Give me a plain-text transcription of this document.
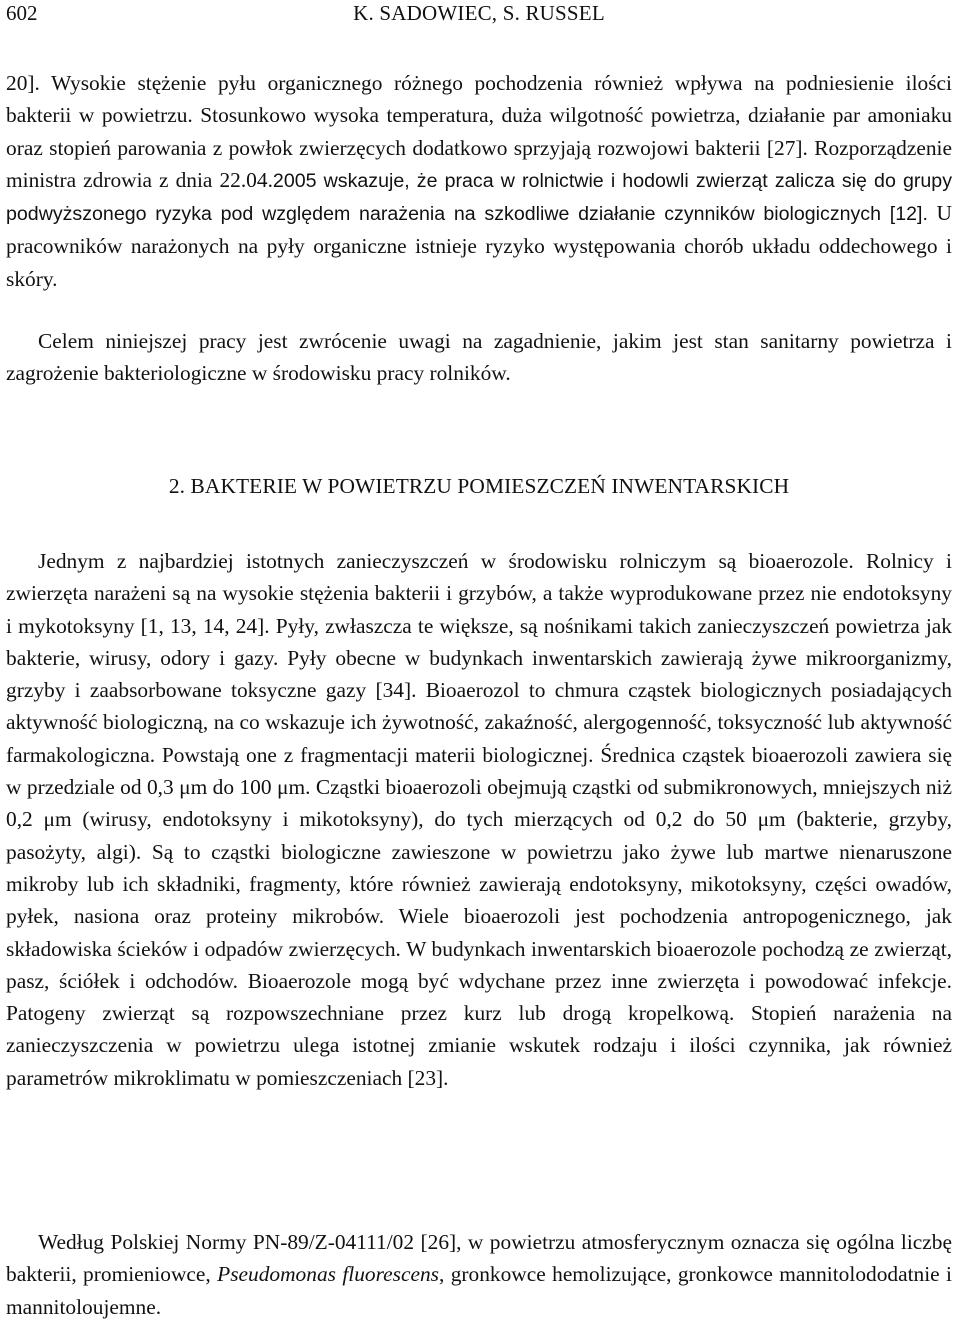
602	K. SADOWIEC, S. RUSSEL
20]. Wysokie stężenie pyłu organicznego różnego pochodzenia również wpływa na podniesienie ilości bakterii w powietrzu. Stosunkowo wysoka temperatura, duża wilgotność powietrza, działanie par amoniaku oraz stopień parowania z powłok zwierzęcych dodatkowo sprzyjają rozwojowi bakterii [27]. Rozporządzenie ministra zdrowia z dnia 22.04.2005 wskazuje, że praca w rolnictwie i hodowli zwierząt zalicza się do grupy podwyższonego ryzyka pod względem narażenia na szkodliwe działanie czynników biologicznych [12]. U pracowników narażonych na pyły organiczne istnieje ryzyko występowania chorób układu oddechowego i skóry.
Celem niniejszej pracy jest zwrócenie uwagi na zagadnienie, jakim jest stan sanitarny powietrza i zagrożenie bakteriologiczne w środowisku pracy rolników.
2. BAKTERIE W POWIETRZU POMIESZCZEŃ INWENTARSKICH
Jednym z najbardziej istotnych zanieczyszczeń w środowisku rolniczym są bioaerozole. Rolnicy i zwierzęta narażeni są na wysokie stężenia bakterii i grzybów, a także wyprodukowane przez nie endotoksyny i mykotoksyny [1, 13, 14, 24]. Pyły, zwłaszcza te większe, są nośnikami takich zanieczyszczeń powietrza jak bakterie, wirusy, odory i gazy. Pyły obecne w budynkach inwentarskich zawierają żywe mikroorganizmy, grzyby i zaabsorbowane toksyczne gazy [34]. Bioaerozol to chmura cząstek biologicznych posiadających aktywność biologiczną, na co wskazuje ich żywotność, zakaźność, alergogenność, toksyczność lub aktywność farmakologiczna. Powstają one z fragmentacji materii biologicznej. Średnica cząstek bioaerozoli zawiera się w przedziale od 0,3 μm do 100 μm. Cząstki bioaerozoli obejmują cząstki od submikronowych, mniejszych niż 0,2 μm (wirusy, endotoksyny i mikotoksyny), do tych mierzących od 0,2 do 50 μm (bakterie, grzyby, pasożyty, algi). Są to cząstki biologiczne zawieszone w powietrzu jako żywe lub martwe nienaruszone mikroby lub ich składniki, fragmenty, które również zawierają endotoksyny, mikotoksyny, części owadów, pyłek, nasiona oraz proteiny mikrobów. Wiele bioaerozoli jest pochodzenia antropogenicznego, jak składowiska ścieków i odpadów zwierzęcych. W budynkach inwentarskich bioaerozole pochodzą ze zwierząt, pasz, ściółek i odchodów. Bioaerozole mogą być wdychane przez inne zwierzęta i powodować infekcje. Patogeny zwierząt są rozpowszechniane przez kurz lub drogą kropelkową. Stopień narażenia na zanieczyszczenia w powietrzu ulega istotnej zmianie wskutek rodzaju i ilości czynnika, jak również parametrów mikroklimatu w pomieszczeniach [23].
Według Polskiej Normy PN-89/Z-04111/02 [26], w powietrzu atmosferycznym oznacza się ogólna liczbę bakterii, promieniowce, Pseudomonas fluorescens, gronkowce hemolizujące, gronkowce mannitolododatnie i mannitoloujemne.
